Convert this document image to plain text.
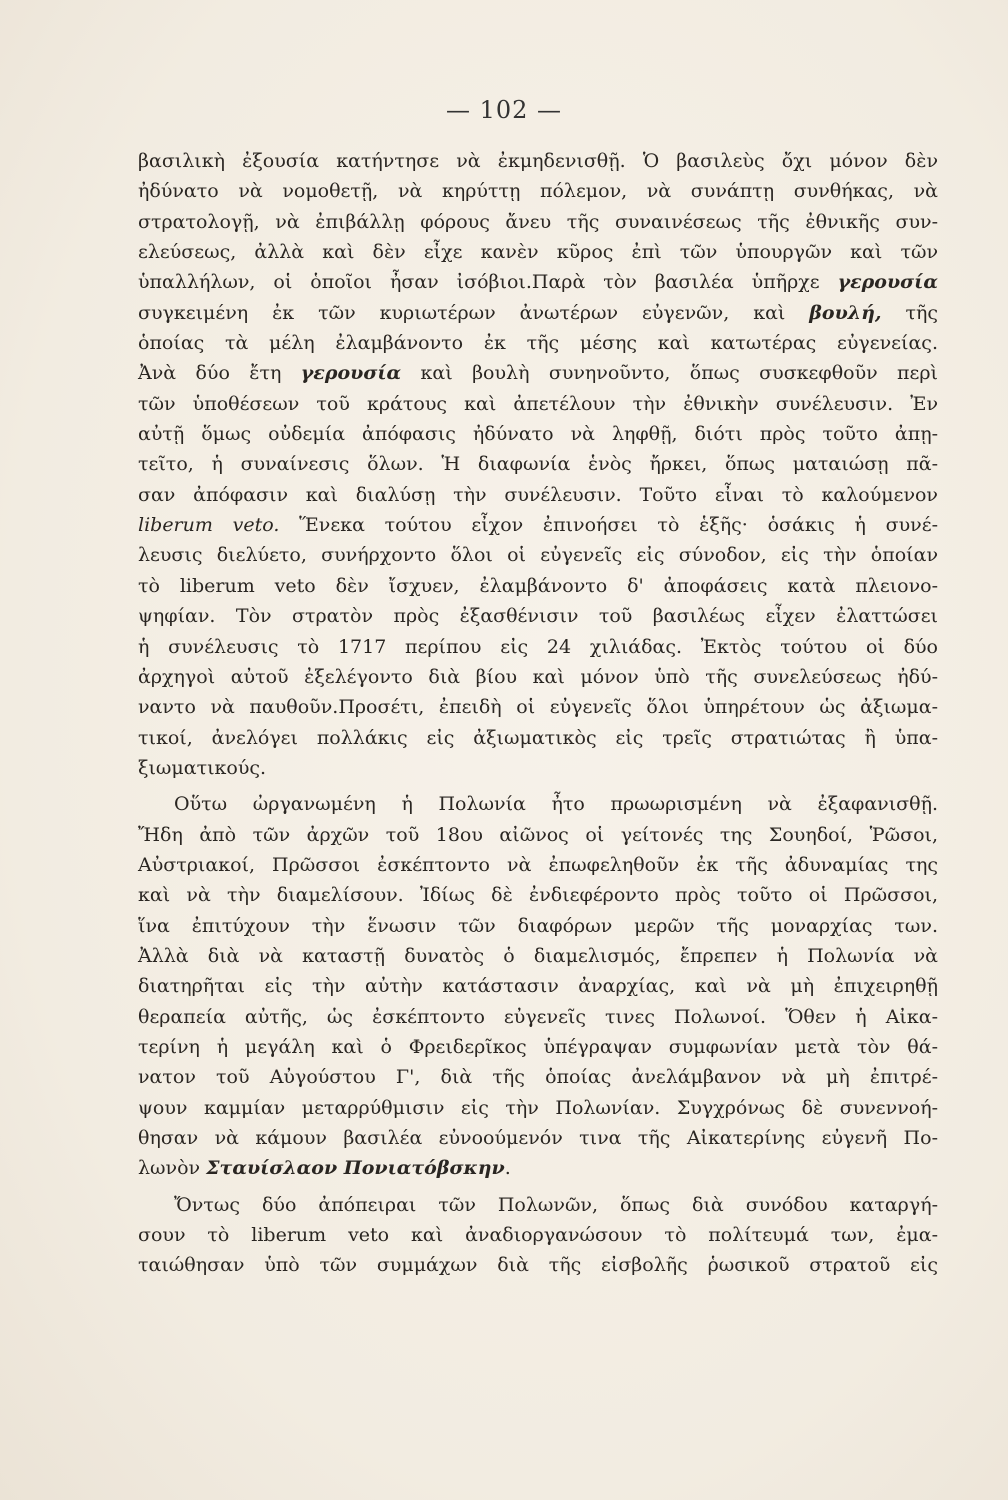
— 102 —
βασιλικὴ ἐξουσία κατήντησε νὰ ἐκμηδενισθῇ. Ὁ βασιλεὺς ὄχι μόνον δὲν
ἠδύνατο νὰ νομοθετῇ, νὰ κηρύττῃ πόλεμον, νὰ συνάπτῃ συνθήκας, νὰ
στρατολογῇ, νὰ ἐπιβάλλῃ φόρους ἄνευ τῆς συναινέσεως τῆς ἐθνικῆς συν-
ελεύσεως, ἀλλὰ καὶ δὲν εἶχε κανὲν κῦρος ἐπὶ τῶν ὑπουργῶν καὶ τῶν
ὑπαλλήλων, οἱ ὁποῖοι ἦσαν ἰσόβιοι.Παρὰ τὸν βασιλέα ὑπῆρχε γερουσία
συγκειμένη ἐκ τῶν κυριωτέρων ἀνωτέρων εὐγενῶν, καὶ βουλή, τῆς
ὁποίας τὰ μέλη ἐλαμβάνοντο ἐκ τῆς μέσης καὶ κατωτέρας εὐγενείας.
Ἀνὰ δύο ἔτη γερουσία καὶ βουλὴ συνηνοῦντο, ὅπως συσκεφθοῦν περὶ
τῶν ὑποθέσεων τοῦ κράτους καὶ ἀπετέλουν τὴν ἐθνικὴν συνέλευσιν. Ἐν
αὐτῇ ὅμως οὐδεμία ἀπόφασις ἠδύνατο νὰ ληφθῇ, διότι πρὸς τοῦτο ἀπῃ-
τεῖτο, ἡ συναίνεσις ὅλων. Ἡ διαφωνία ἑνὸς ἤρκει, ὅπως ματαιώσῃ πᾶ-
σαν ἀπόφασιν καὶ διαλύσῃ τὴν συνέλευσιν. Τοῦτο εἶναι τὸ καλούμενον
liberum veto. Ἕνεκα τούτου εἶχον ἐπινοήσει τὸ ἑξῆς· ὁσάκις ἡ συνέ-
λευσις διελύετο, συνήρχοντο ὅλοι οἱ εὐγενεῖς εἰς σύνοδον, εἰς τὴν ὁποίαν
τὸ liberum veto δὲν ἴσχυεν, ἐλαμβάνοντο δ' ἀποφάσεις κατὰ πλειονο-
ψηφίαν. Τὸν στρατὸν πρὸς ἐξασθένισιν τοῦ βασιλέως εἶχεν ἐλαττώσει
ἡ συνέλευσις τὸ 1717 περίπου εἰς 24 χιλιάδας. Ἐκτὸς τούτου οἱ δύο
ἀρχηγοὶ αὐτοῦ ἐξελέγοντο διὰ βίου καὶ μόνον ὑπὸ τῆς συνελεύσεως ἠδύ-
ναντο νὰ παυθοῦν.Προσέτι, ἐπειδὴ οἱ εὐγενεῖς ὅλοι ὑπηρέτουν ὡς ἀξιωμα-
τικοί, ἀνελόγει πολλάκις εἰς ἀξιωματικὸς εἰς τρεῖς στρατιώτας ἢ ὑπα-
ξιωματικούς.
Οὕτω ὠργανωμένη ἡ Πολωνία ἦτο πρωωρισμένη νὰ ἐξαφανισθῇ.
Ἤδη ἀπὸ τῶν ἀρχῶν τοῦ 18ου αἰῶνος οἱ γείτονές της Σουηδοί, Ῥῶσοι,
Αὐστριακοί, Πρῶσσοι ἐσκέπτοντο νὰ ἐπωφεληθοῦν ἐκ τῆς ἀδυναμίας της
καὶ νὰ τὴν διαμελίσουν. Ἰδίως δὲ ἐνδιεφέροντο πρὸς τοῦτο οἱ Πρῶσσοι,
ἵνα ἐπιτύχουν τὴν ἕνωσιν τῶν διαφόρων μερῶν τῆς μοναρχίας των.
Ἀλλὰ διὰ νὰ καταστῇ δυνατὸς ὁ διαμελισμός, ἔπρεπεν ἡ Πολωνία νὰ
διατηρῆται εἰς τὴν αὐτὴν κατάστασιν ἀναρχίας, καὶ νὰ μὴ ἐπιχειρηθῇ
θεραπεία αὐτῆς, ὡς ἐσκέπτοντο εὐγενεῖς τινες Πολωνοί. Ὅθεν ἡ Αἰκα-
τερίνη ἡ μεγάλη καὶ ὁ Φρειδερῖκος ὑπέγραψαν συμφωνίαν μετὰ τὸν θά-
νατον τοῦ Αὐγούστου Γ', διὰ τῆς ὁποίας ἀνελάμβανον νὰ μὴ ἐπιτρέ-
ψουν καμμίαν μεταρρύθμισιν εἰς τὴν Πολωνίαν. Συγχρόνως δὲ συνεννοή-
θησαν νὰ κάμουν βασιλέα εὐνοούμενόν τινα τῆς Αἰκατερίνης εὐγενῆ Πο-
λωνὸν Σταυίσλαον Πονιατόβσκην.
Ὄντως δύο ἀπόπειραι τῶν Πολωνῶν, ὅπως διὰ συνόδου καταργή-
σουν τὸ liberum veto καὶ ἀναδιοργανώσουν τὸ πολίτευμά των, ἐμα-
ταιώθησαν ὑπὸ τῶν συμμάχων διὰ τῆς εἰσβολῆς ῥωσικοῦ στρατοῦ εἰς
